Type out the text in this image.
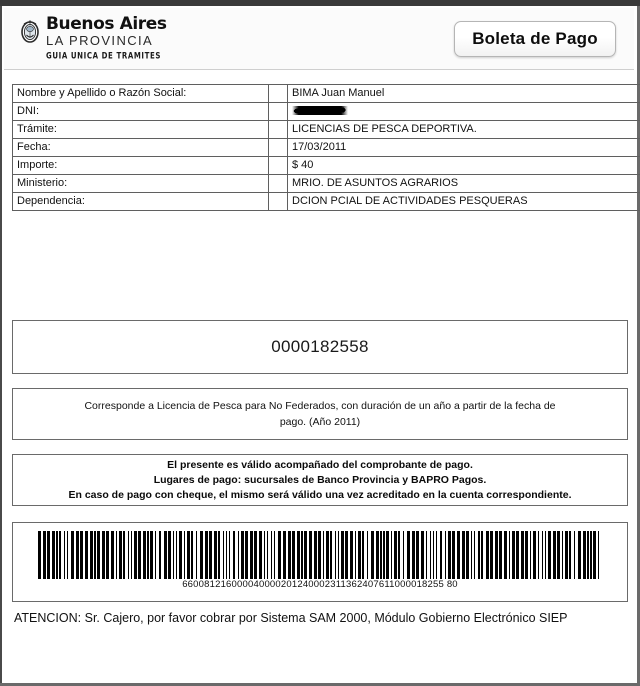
Buenos Aires
LA PROVINCIA
GUIA UNICA DE TRAMITES
Boleta de Pago
Nombre y Apellido o Razón Social:		BIMA Juan Manuel
DNI:		
Trámite:		LICENCIAS DE PESCA DEPORTIVA.
Fecha:		17/03/2011
Importe:		$ 40
Ministerio:		MRIO. DE ASUNTOS AGRARIOS
Dependencia:		DCION PCIAL DE ACTIVIDADES PESQUERAS
0000182558
Corresponde a Licencia de Pesca para No Federados, con duración de un año a partir de la fecha de
pago. (Año 2011)
El presente es válido acompañado del comprobante de pago.
Lugares de pago: sucursales de Banco Provincia y BAPRO Pagos.
En caso de pago con cheque, el mismo será válido una vez acreditado en la cuenta correspondiente.
660081216000040000201240002311362407611000018255 80
ATENCION: Sr. Cajero, por favor cobrar por Sistema SAM 2000, Módulo Gobierno Electrónico SIEP
